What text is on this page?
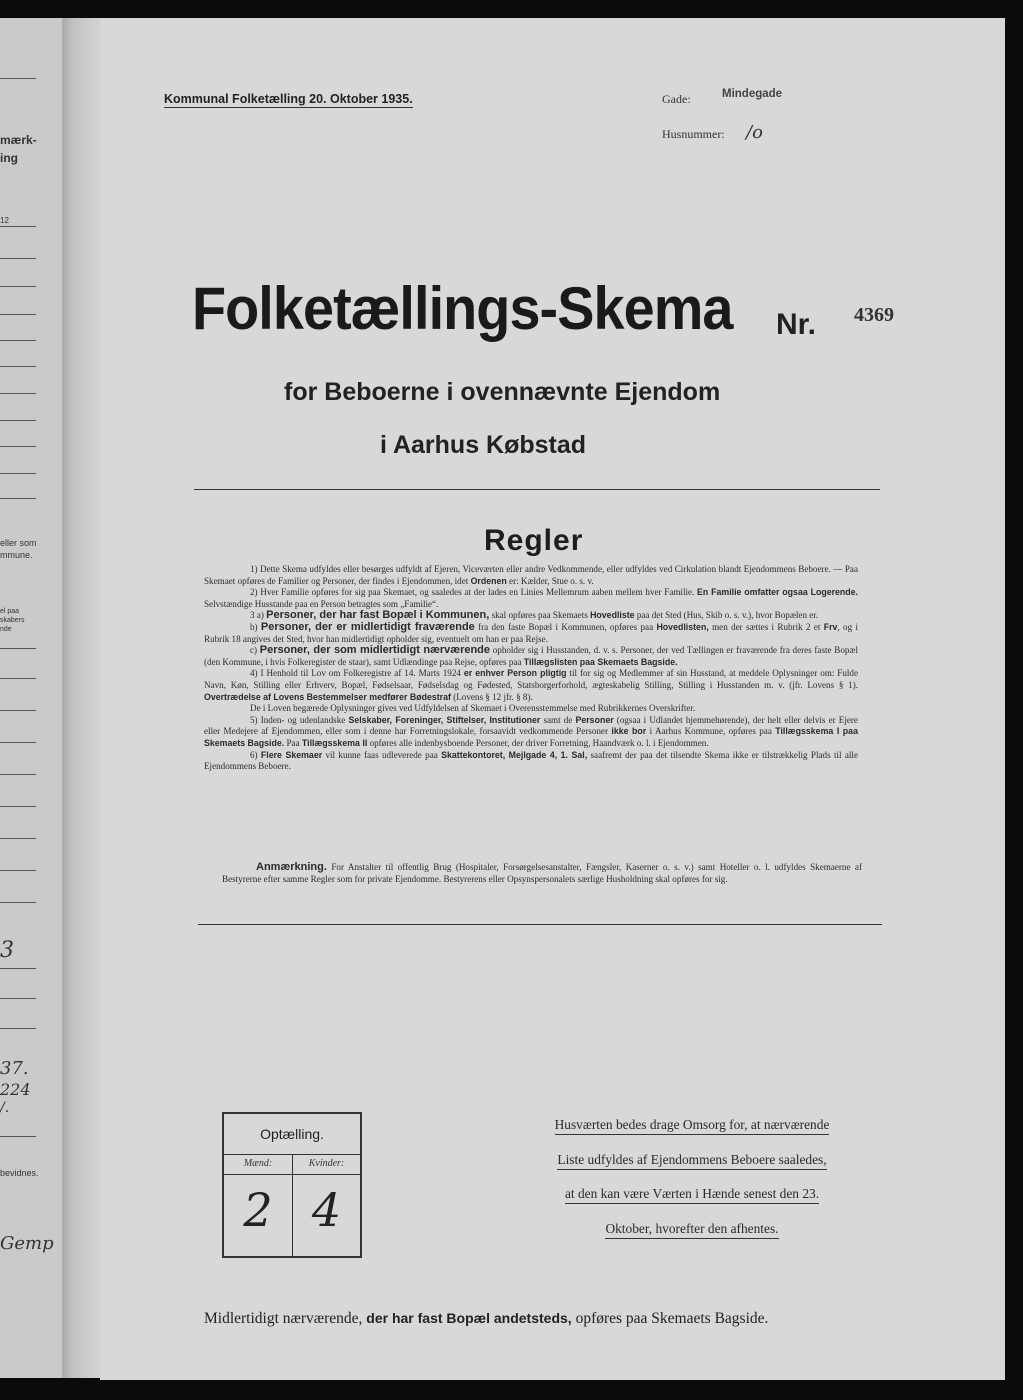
mærk-
ing
12
eller som
mmune.
el paa
skabers
nde
3
37.
224
/.
bevidnes.
Gemp
Kommunal Folketælling 20. Oktober 1935.	Gade:	Mindegade
Husnummer: /o
Folketællings-Skema Nr. 4369
for Beboerne i ovennævnte Ejendom
i Aarhus Købstad
Regler

1) Dette Skema udfyldes eller besørges udfyldt af Ejeren, Viceværten eller andre Vedkommende, eller udfyldes ved Cirkulation blandt Ejendommens Beboere. — Paa Skemaet opføres de Familier og Personer, der findes i Ejendommen, idet Ordenen er: Kælder, Stue o. s. v.

2) Hver Familie opføres for sig paa Skemaet, og saaledes at der lades en Linies Mellemrum aaben mellem hver Familie. En Familie omfatter ogsaa Logerende. Selvstændige Husstande paa en Person betragtes som „Familie“.

3 a) Personer, der har fast Bopæl i Kommunen, skal opføres paa Skemaets Hovedliste paa det Sted (Hus, Skib o. s. v.), hvor Bopælen er.

b) Personer, der er midlertidigt fraværende fra den faste Bopæl i Kommunen, opføres paa Hovedlisten, men der sættes i Rubrik 2 et Frv, og i Rubrik 18 angives det Sted, hvor han midlertidigt opholder sig, eventuelt om han er paa Rejse.

c) Personer, der som midlertidigt nærværende opholder sig i Husstanden, d. v. s. Personer, der ved Tællingen er fraværende fra deres faste Bopæl (den Kommune, i hvis Folkeregister de staar), samt Udlændinge paa Rejse, opføres paa Tillægslisten paa Skemaets Bagside.

4) I Henhold til Lov om Folkeregistre af 14. Marts 1924 er enhver Person pligtig til for sig og Medlemmer af sin Husstand, at meddele Oplysninger om: Fulde Navn, Køn, Stilling eller Erhverv, Bopæl, Fødselsaar, Fødselsdag og Fødested, Statsborgerforhold, ægteskabelig Stilling, Stilling i Husstanden m. v. (jfr. Lovens § 1). Overtrædelse af Lovens Bestemmelser medfører Bødestraf (Lovens § 12 jfr. § 8).

De i Loven begærede Oplysninger gives ved Udfyldelsen af Skemaet i Overensstemmelse med Rubrikkernes Overskrifter.

5) Inden- og udenlandske Selskaber, Foreninger, Stiftelser, Institutioner samt de Personer (ogsaa i Udlandet hjemmehørende), der helt eller delvis er Ejere eller Medejere af Ejendommen, eller som i denne har Forretningslokale, forsaavidt vedkommende Personer ikke bor i Aarhus Kommune, opføres paa Tillægsskema I paa Skemaets Bagside. Paa Tillægsskema II opføres alle indenbysboende Personer, der driver Forretning, Haandværk o. l. i Ejendommen.

6) Flere Skemaer vil kunne faas udleverede paa Skattekontoret, Mejlgade 4, 1. Sal, saafremt der paa det tilsendte Skema ikke er tilstrækkelig Plads til alle Ejendommens Beboere.

Anmærkning. For Anstalter til offentlig Brug (Hospitaler, Forsørgelsesanstalter, Fængsler, Kaserner o. s. v.) samt Hoteller o. l. udfyldes Skemaerne af Bestyrerne efter samme Regler som for private Ejendomme. Bestyrerens eller Opsynspersonalets særlige Husholdning skal opføres for sig.
Optælling.
Mænd:
2
Kvinder:
4
Husværten bedes drage Omsorg for, at nærværende
Liste udfyldes af Ejendommens Beboere saaledes,
at den kan være Værten i Hænde senest den 23.
Oktober, hvorefter den afhentes.
Midlertidigt nærværende, der har fast Bopæl andetsteds, opføres paa Skemaets Bagside.
